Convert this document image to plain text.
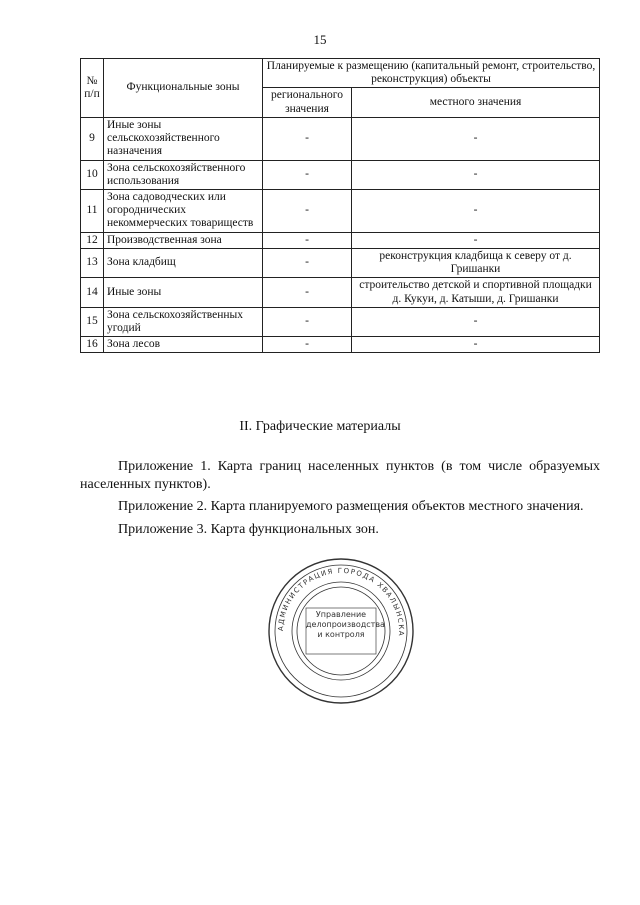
15
№ п/п	Функциональные зоны	Планируемые к размещению (капитальный ремонт, строительство, реконструкция) объекты	
		регионального значения	местного значения
9	Иные зоны сельскохозяйственного назначения	-	-
10	Зона сельскохозяйственного использования	-	-
11	Зона садоводческих или огороднических некоммерческих товариществ	-	-
12	Производственная зона	-	-
13	Зона кладбищ	-	реконструкция кладбища к северу от д. Гришанки
14	Иные зоны	-	строительство детской и спортивной площадки д. Кукуи, д. Катыши, д. Гришанки
15	Зона сельскохозяйственных угодий	-	-
16	Зона лесов	-	-
II. Графические материалы

Приложение 1. Карта границ населенных пунктов (в том числе образуемых населенных пунктов).

Приложение 2. Карта планируемого размещения объектов местного значения.

Приложение 3. Карта функциональных зон.

АДМИНИСТРАЦИЯ ГОРОДА ХВАЛЫНСКА
Управление делопроизводства и контроля
